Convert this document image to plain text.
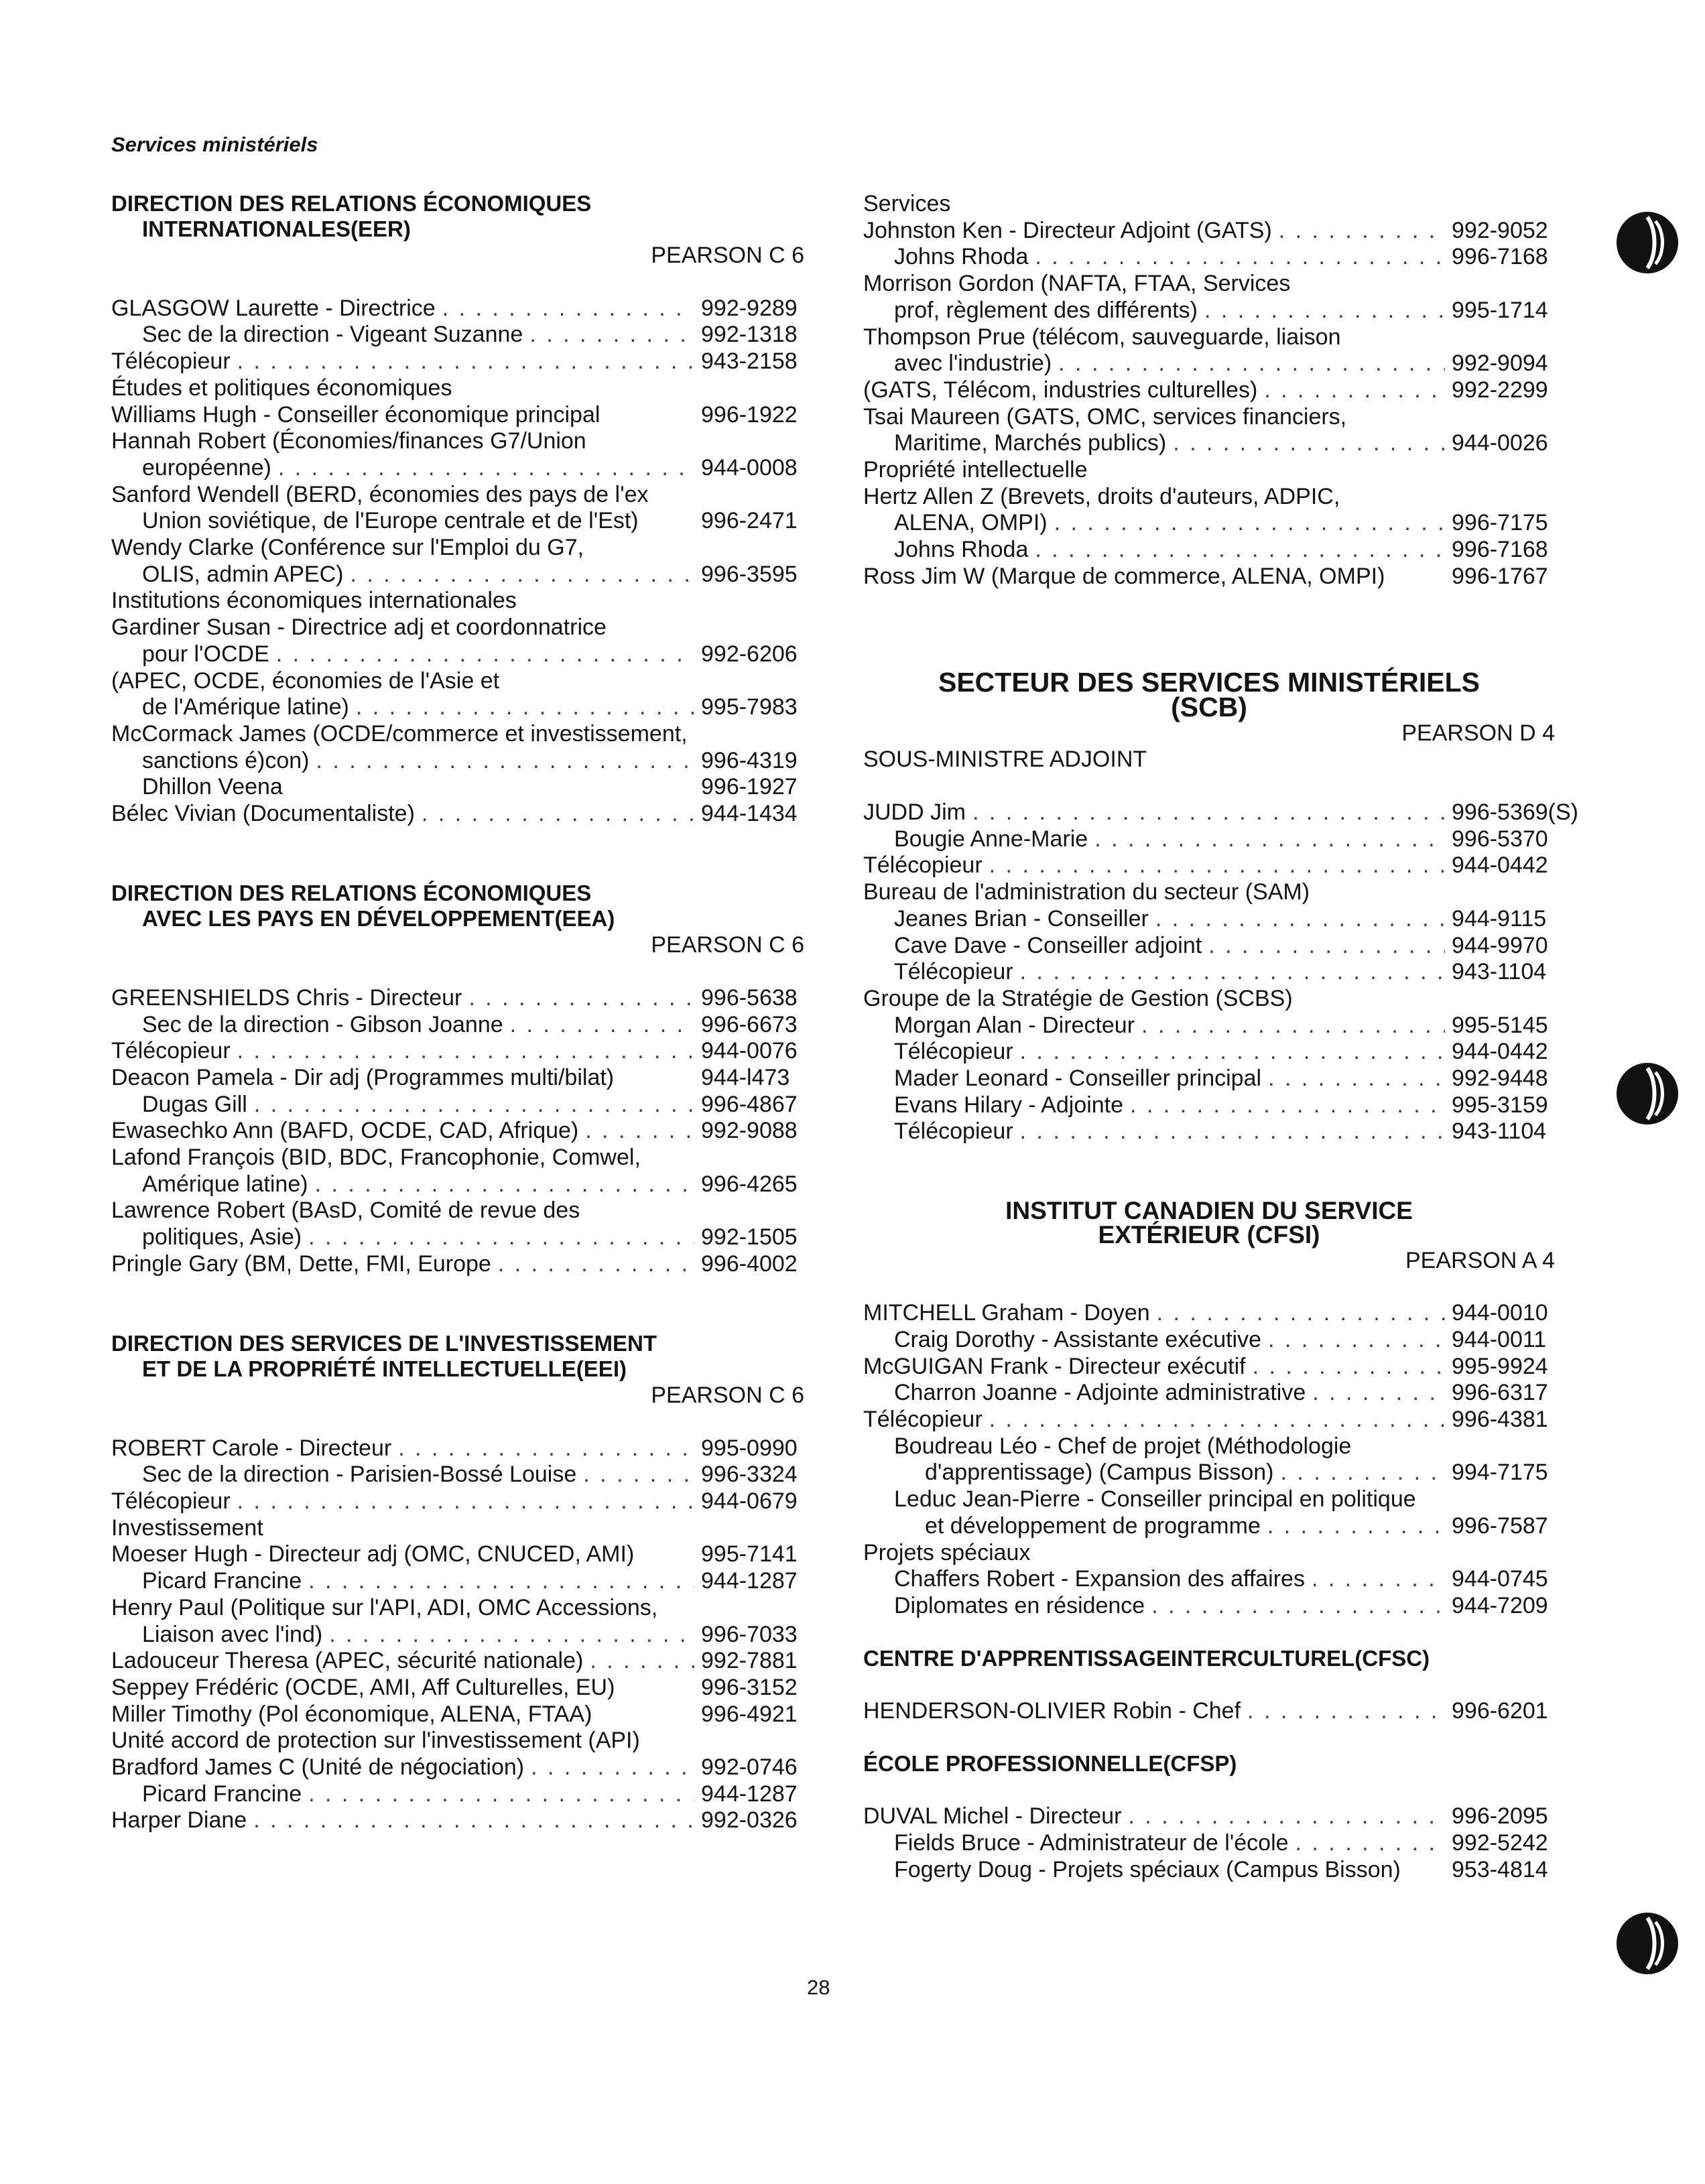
Services ministériels
DIRECTION DES RELATIONS ÉCONOMIQUES
INTERNATIONALES(EER)
PEARSON C 6
GLASGOW Laurette - Directrice . . .	992-9289
Sec de la direction - Vigeant Suzanne . . .	992-1318
Télécopieur . . .	943-2158
Études et politiques économiques
Williams Hugh - Conseiller économique principal	996-1922
Hannah Robert (Économies/finances G7/Union
européenne) . . .	944-0008
Sanford Wendell (BERD, économies des pays de l'ex
Union soviétique, de l'Europe centrale et de l'Est)	996-2471
Wendy Clarke (Conférence sur l'Emploi du G7,
OLIS, admin APEC) . . .	996-3595
Institutions économiques internationales
Gardiner Susan - Directrice adj et coordonnatrice
pour l'OCDE . . .	992-6206
(APEC, OCDE, économies de l'Asie et
de l'Amérique latine) . . .	995-7983
McCormack James (OCDE/commerce et investissement,
sanctions é)con) . . .	996-4319
Dhillon Veena	996-1927
Bélec Vivian (Documentaliste) . . .	944-1434
DIRECTION DES RELATIONS ÉCONOMIQUES
AVEC LES PAYS EN DÉVELOPPEMENT(EEA)
PEARSON C 6
GREENSHIELDS Chris - Directeur . . .	996-5638
Sec de la direction - Gibson Joanne . . .	996-6673
Télécopieur . . .	944-0076
Deacon Pamela - Dir adj (Programmes multi/bilat)	944-l473
Dugas Gill . . .	996-4867
Ewasechko Ann (BAFD, OCDE, CAD, Afrique) . . .	992-9088
Lafond François (BID, BDC, Francophonie, Comwel,
Amérique latine) . . .	996-4265
Lawrence Robert (BAsD, Comité de revue des
politiques, Asie) . . .	992-1505
Pringle Gary (BM, Dette, FMI, Europe . . .	996-4002
DIRECTION DES SERVICES DE L'INVESTISSEMENT
ET DE LA PROPRIÉTÉ INTELLECTUELLE(EEI)
PEARSON C 6
ROBERT Carole - Directeur . . .	995-0990
Sec de la direction - Parisien-Bossé Louise . . .	996-3324
Télécopieur . . .	944-0679
Investissement
Moeser Hugh - Directeur adj (OMC, CNUCED, AMI)	995-7141
Picard Francine . . .	944-1287
Henry Paul (Politique sur l'API, ADI, OMC Accessions,
Liaison avec l'ind) . . .	996-7033
Ladouceur Theresa (APEC, sécurité nationale) . . .	992-7881
Seppey Frédéric (OCDE, AMI, Aff Culturelles, EU)	996-3152
Miller Timothy (Pol économique, ALENA, FTAA)	996-4921
Unité accord de protection sur l'investissement (API)
Bradford James C (Unité de négociation) . . .	992-0746
Picard Francine . . .	944-1287
Harper Diane . . .	992-0326
Services
Johnston Ken - Directeur Adjoint (GATS) . . .	992-9052
Johns Rhoda . . .	996-7168
Morrison Gordon (NAFTA, FTAA, Services
prof, règlement des différents) . . .	995-1714
Thompson Prue (télécom, sauveguarde, liaison
avec l'industrie) . . .	992-9094
(GATS, Télécom, industries culturelles) . . .	992-2299
Tsai Maureen (GATS, OMC, services financiers,
Maritime, Marchés publics) . . .	944-0026
Propriété intellectuelle
Hertz Allen Z (Brevets, droits d'auteurs, ADPIC,
ALENA, OMPI) . . .	996-7175
Johns Rhoda . . .	996-7168
Ross Jim W (Marque de commerce, ALENA, OMPI)	996-1767
SECTEUR DES SERVICES MINISTÉRIELS
(SCB)
PEARSON D 4
SOUS-MINISTRE ADJOINT
JUDD Jim . . .	996-5369(S)
Bougie Anne-Marie . . .	996-5370
Télécopieur . . .	944-0442
Bureau de l'administration du secteur (SAM)
Jeanes Brian - Conseiller . . .	944-9115
Cave Dave - Conseiller adjoint . . .	944-9970
Télécopieur . . .	943-1104
Groupe de la Stratégie de Gestion (SCBS)
Morgan Alan - Directeur . . .	995-5145
Télécopieur . . .	944-0442
Mader Leonard - Conseiller principal . . .	992-9448
Evans Hilary - Adjointe . . .	995-3159
Télécopieur . . .	943-1104
INSTITUT CANADIEN DU SERVICE
EXTÉRIEUR (CFSI)
PEARSON A 4
MITCHELL Graham - Doyen . . .	944-0010
Craig Dorothy - Assistante exécutive . . .	944-0011
McGUIGAN Frank - Directeur exécutif . . .	995-9924
Charron Joanne - Adjointe administrative . . .	996-6317
Télécopieur . . .	996-4381
Boudreau Léo - Chef de projet (Méthodologie
d'apprentissage) (Campus Bisson) . . .	994-7175
Leduc Jean-Pierre - Conseiller principal en politique
et développement de programme . . .	996-7587
Projets spéciaux
Chaffers Robert - Expansion des affaires . . .	944-0745
Diplomates en résidence . . .	944-7209
CENTRE D'APPRENTISSAGEINTERCULTUREL(CFSC)
HENDERSON-OLIVIER Robin - Chef . . .	996-6201
ÉCOLE PROFESSIONNELLE(CFSP)
DUVAL Michel - Directeur . . .	996-2095
Fields Bruce - Administrateur de l'école . . .	992-5242
Fogerty Doug - Projets spéciaux (Campus Bisson) 953-4814
28
